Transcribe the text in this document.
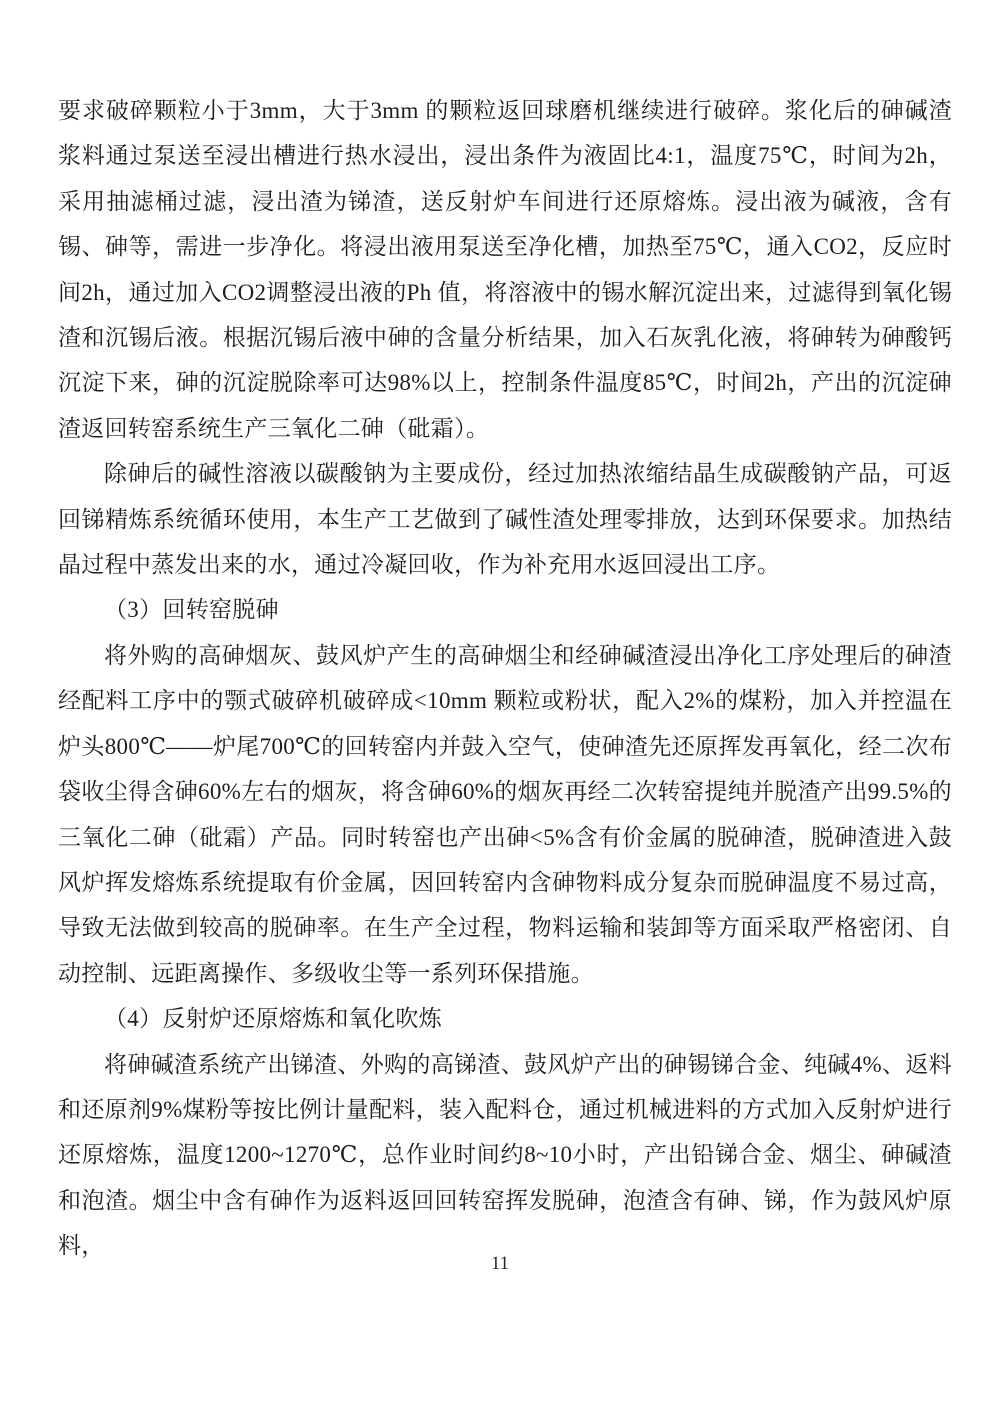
要求破碎颗粒小于3mm，大于3mm 的颗粒返回球磨机继续进行破碎。浆化后的砷碱渣浆料通过泵送至浸出槽进行热水浸出，浸出条件为液固比4:1，温度75℃，时间为2h，采用抽滤桶过滤，浸出渣为锑渣，送反射炉车间进行还原熔炼。浸出液为碱液，含有锡、砷等，需进一步净化。将浸出液用泵送至净化槽，加热至75℃，通入CO2，反应时间2h，通过加入CO2调整浸出液的Ph 值，将溶液中的锡水解沉淀出来，过滤得到氧化锡渣和沉锡后液。根据沉锡后液中砷的含量分析结果，加入石灰乳化液，将砷转为砷酸钙沉淀下来，砷的沉淀脱除率可达98%以上，控制条件温度85℃，时间2h，产出的沉淀砷渣返回转窑系统生产三氧化二砷（砒霜）。

除砷后的碱性溶液以碳酸钠为主要成份，经过加热浓缩结晶生成碳酸钠产品，可返回锑精炼系统循环使用，本生产工艺做到了碱性渣处理零排放，达到环保要求。加热结晶过程中蒸发出来的水，通过冷凝回收，作为补充用水返回浸出工序。

（3）回转窑脱砷

将外购的高砷烟灰、鼓风炉产生的高砷烟尘和经砷碱渣浸出净化工序处理后的砷渣经配料工序中的颚式破碎机破碎成<10mm 颗粒或粉状，配入2%的煤粉，加入并控温在炉头800℃——炉尾700℃的回转窑内并鼓入空气，使砷渣先还原挥发再氧化，经二次布袋收尘得含砷60%左右的烟灰，将含砷60%的烟灰再经二次转窑提纯并脱渣产出99.5%的三氧化二砷（砒霜）产品。同时转窑也产出砷<5%含有价金属的脱砷渣，脱砷渣进入鼓风炉挥发熔炼系统提取有价金属，因回转窑内含砷物料成分复杂而脱砷温度不易过高，导致无法做到较高的脱砷率。在生产全过程，物料运输和装卸等方面采取严格密闭、自动控制、远距离操作、多级收尘等一系列环保措施。

（4）反射炉还原熔炼和氧化吹炼

将砷碱渣系统产出锑渣、外购的高锑渣、鼓风炉产出的砷锡锑合金、纯碱4%、返料和还原剂9%煤粉等按比例计量配料，装入配料仓，通过机械进料的方式加入反射炉进行还原熔炼，温度1200~1270℃，总作业时间约8~10小时，产出铅锑合金、烟尘、砷碱渣和泡渣。烟尘中含有砷作为返料返回回转窑挥发脱砷，泡渣含有砷、锑，作为鼓风炉原料，

11
